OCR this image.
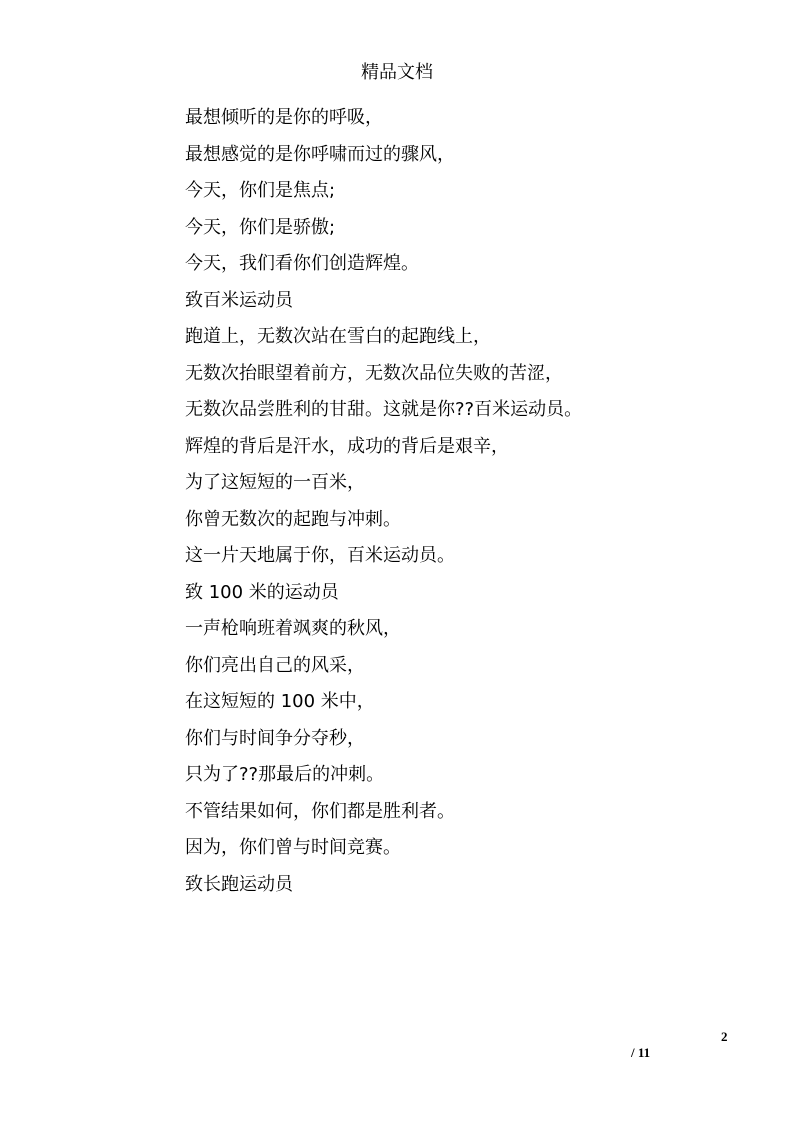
精品文档
最想倾听的是你的呼吸，
最想感觉的是你呼啸而过的骤风，
今天，你们是焦点;
今天，你们是骄傲;
今天，我们看你们创造辉煌。
致百米运动员
跑道上，无数次站在雪白的起跑线上，
无数次抬眼望着前方，无数次品位失败的苦涩，
无数次品尝胜利的甘甜。这就是你??百米运动员。
辉煌的背后是汗水，成功的背后是艰辛，
为了这短短的一百米，
你曾无数次的起跑与冲刺。
这一片天地属于你，百米运动员。
致 100 米的运动员
一声枪响班着飒爽的秋风，
你们亮出自己的风采，
在这短短的 100 米中，
你们与时间争分夺秒，
只为了??那最后的冲刺。
不管结果如何，你们都是胜利者。
因为，你们曾与时间竞赛。
致长跑运动员
2
/ 11
